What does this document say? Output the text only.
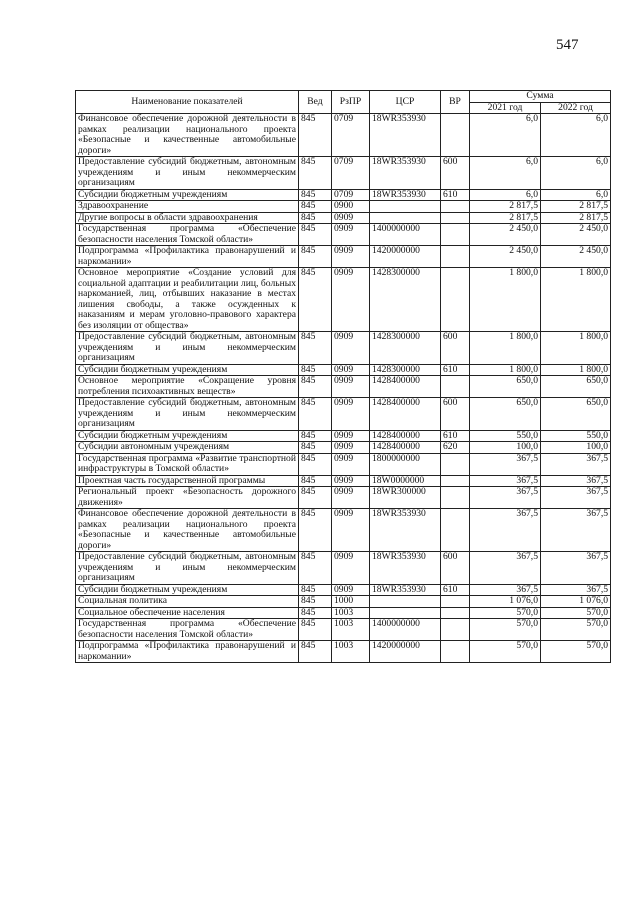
547
Наименование показателей	Вед	РзПР	ЦСР	ВР	Сумма	
					2021 год	2022 год
Финансовое обеспечение дорожной деятельности в рамках реализации национального проекта «Безопасные и качественные автомобильные дороги»	845	0709	18WR353930		6,0	6,0
Предоставление субсидий бюджетным, автономным учреждениям и иным некоммерческим организациям	845	0709	18WR353930	600	6,0	6,0
Субсидии бюджетным учреждениям	845	0709	18WR353930	610	6,0	6,0
Здравоохранение	845	0900			2 817,5	2 817,5
Другие вопросы в области здравоохранения	845	0909			2 817,5	2 817,5
Государственная программа «Обеспечение безопасности населения Томской области»	845	0909	1400000000		2 450,0	2 450,0
Подпрограмма «Профилактика правонарушений и наркомании»	845	0909	1420000000		2 450,0	2 450,0
Основное мероприятие «Создание условий для социальной адаптации и реабилитации лиц, больных наркоманией, лиц, отбывших наказание в местах лишения свободы, а также осужденных к наказаниям и мерам уголовно-правового характера без изоляции от общества»	845	0909	1428300000		1 800,0	1 800,0
Предоставление субсидий бюджетным, автономным учреждениям и иным некоммерческим организациям	845	0909	1428300000	600	1 800,0	1 800,0
Субсидии бюджетным учреждениям	845	0909	1428300000	610	1 800,0	1 800,0
Основное мероприятие «Сокращение уровня потребления психоактивных веществ»	845	0909	1428400000		650,0	650,0
Предоставление субсидий бюджетным, автономным учреждениям и иным некоммерческим организациям	845	0909	1428400000	600	650,0	650,0
Субсидии бюджетным учреждениям	845	0909	1428400000	610	550,0	550,0
Субсидии автономным учреждениям	845	0909	1428400000	620	100,0	100,0
Государственная программа «Развитие транспортной инфраструктуры в Томской области»	845	0909	1800000000		367,5	367,5
Проектная часть государственной программы	845	0909	18W0000000		367,5	367,5
Региональный проект «Безопасность дорожного движения»	845	0909	18WR300000		367,5	367,5
Финансовое обеспечение дорожной деятельности в рамках реализации национального проекта «Безопасные и качественные автомобильные дороги»	845	0909	18WR353930		367,5	367,5
Предоставление субсидий бюджетным, автономным учреждениям и иным некоммерческим организациям	845	0909	18WR353930	600	367,5	367,5
Субсидии бюджетным учреждениям	845	0909	18WR353930	610	367,5	367,5
Социальная политика	845	1000			1 076,0	1 076,0
Социальное обеспечение населения	845	1003			570,0	570,0
Государственная программа «Обеспечение безопасности населения Томской области»	845	1003	1400000000		570,0	570,0
Подпрограмма «Профилактика правонарушений и наркомании»	845	1003	1420000000		570,0	570,0
